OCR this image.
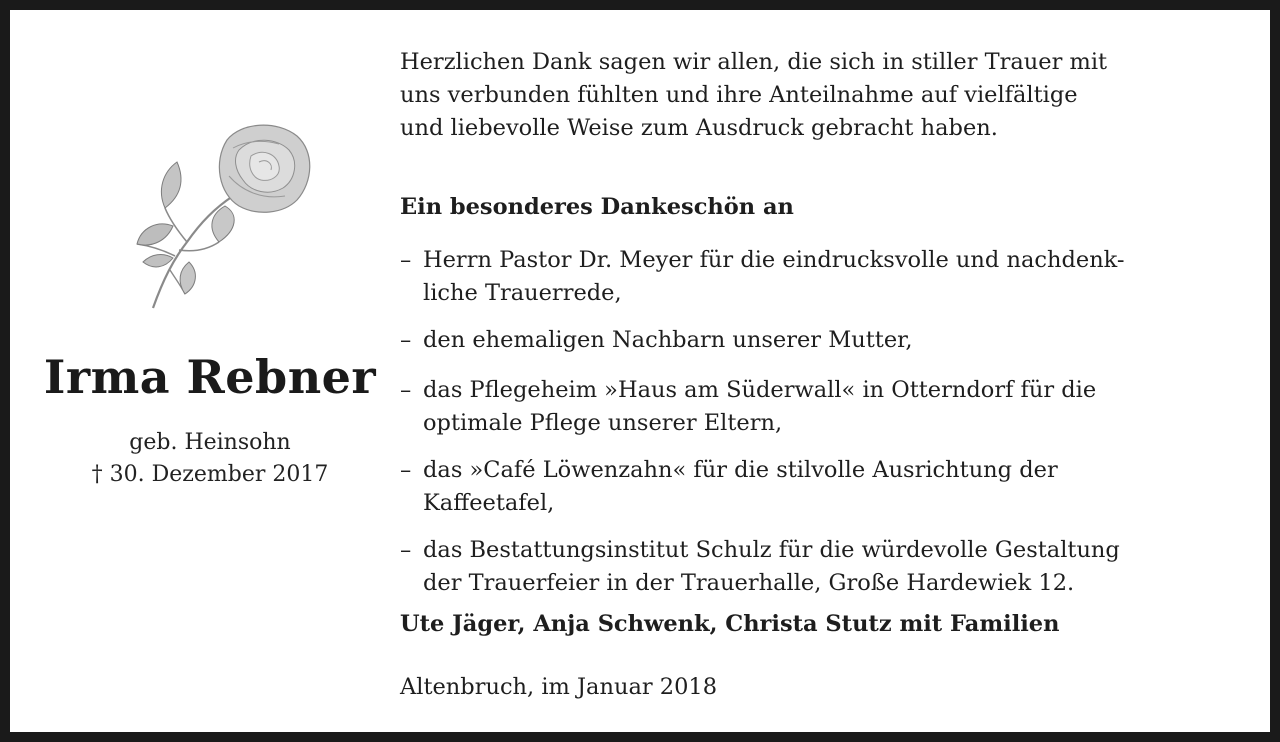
Irma Rebner
geb. Heinsohn
† 30. Dezember 2017

Herzlichen Dank sagen wir allen, die sich in stiller Trauer mit
uns verbunden fühlten und ihre Anteilnahme auf vielfältige
und liebevolle Weise zum Ausdruck gebracht haben.

Ein besonderes Dankeschön an
– Herrn Pastor Dr. Meyer für die eindrucksvolle und nachdenk-
liche Trauerrede,
– den ehemaligen Nachbarn unserer Mutter,
– das Pflegeheim »Haus am Süderwall« in Otterndorf für die
optimale Pflege unserer Eltern,
– das »Café Löwenzahn« für die stilvolle Ausrichtung der
Kaffeetafel,
– das Bestattungsinstitut Schulz für die würdevolle Gestaltung
der Trauerfeier in der Trauerhalle, Große Hardewiek 12.
Ute Jäger, Anja Schwenk, Christa Stutz mit Familien
Altenbruch, im Januar 2018
